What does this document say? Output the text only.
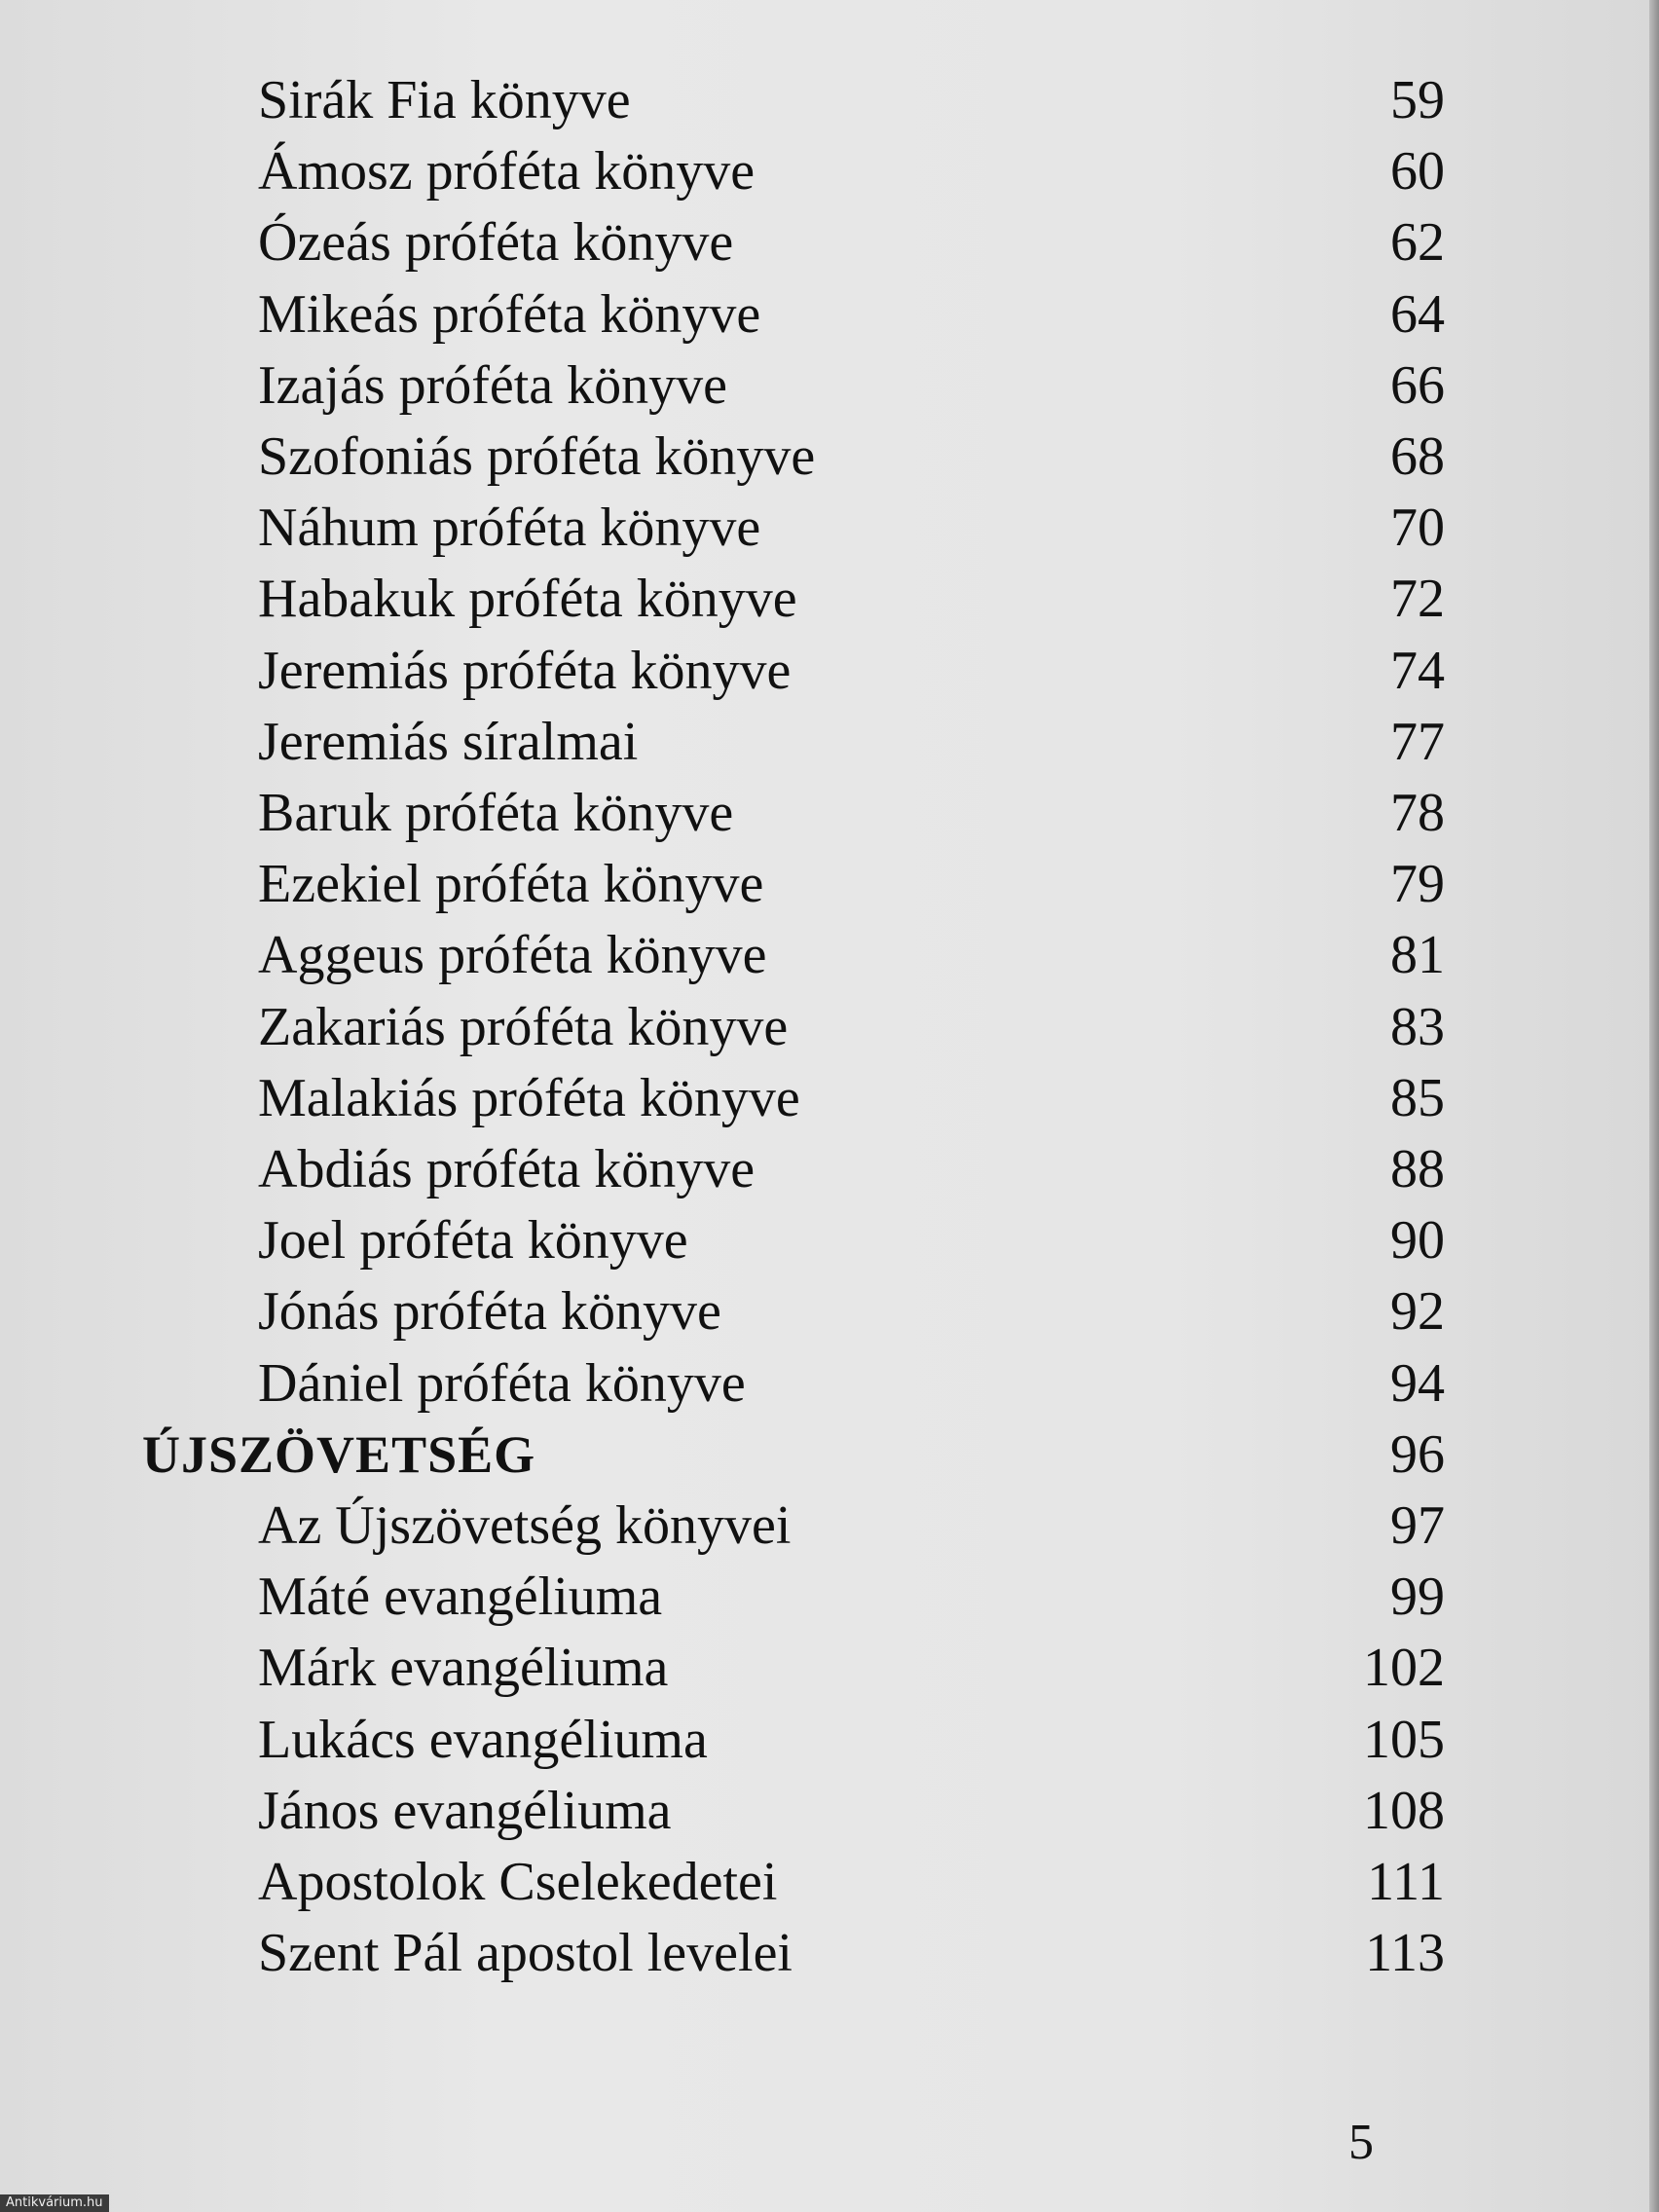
Sirák Fia könyve	59
Ámosz próféta könyve	60
Ózeás próféta könyve	62
Mikeás próféta könyve	64
Izajás próféta könyve	66
Szofoniás próféta könyve	68
Náhum próféta könyve	70
Habakuk próféta könyve	72
Jeremiás próféta könyve	74
Jeremiás síralmai	77
Baruk próféta könyve	78
Ezekiel próféta könyve	79
Aggeus próféta könyve	81
Zakariás próféta könyve	83
Malakiás próféta könyve	85
Abdiás próféta könyve	88
Joel próféta könyve	90
Jónás próféta könyve	92
Dániel próféta könyve	94
ÚJSZÖVETSÉG	96
Az Újszövetség könyvei	97
Máté evangéliuma	99
Márk evangéliuma	102
Lukács evangéliuma	105
János evangéliuma	108
Apostolok Cselekedetei	111
Szent Pál apostol levelei	113
5
Antikvárium.hu
